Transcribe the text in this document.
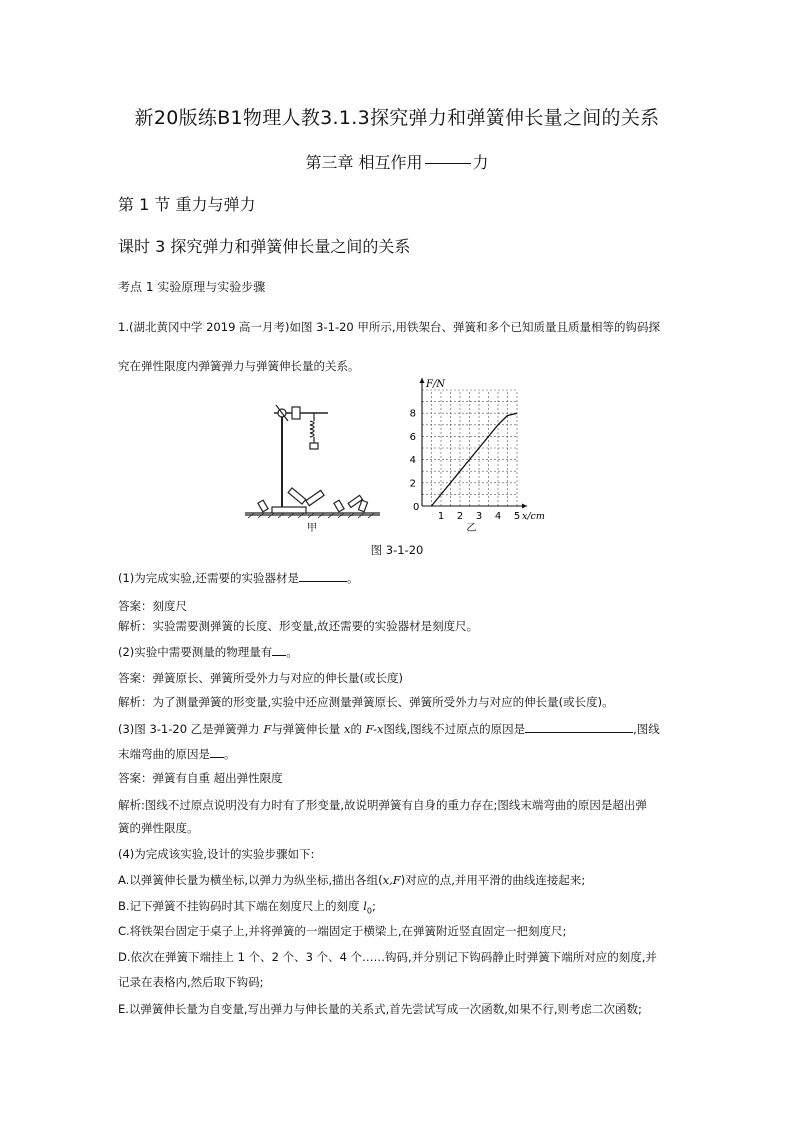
新20版练B1物理人教3.1.3探究弹力和弹簧伸长量之间的关系
第三章 相互作用	力
第 1 节 重力与弹力
课时 3 探究弹力和弹簧伸长量之间的关系
考点 1 实验原理与实验步骤
1.(湖北黄冈中学 2019 高一月考)如图 3-1-20 甲所示,用铁架台、弹簧和多个已知质量且质量相等的钩码探
究在弹性限度内弹簧弹力与弹簧伸长量的关系。
甲
F/N
x/cm
0
1 2 3 4 5
2
4
6
8
乙
图 3-1-20
(1)为完成实验,还需要的实验器材是	。
答案：刻度尺
解析：实验需要测弹簧的长度、形变量,故还需要的实验器材是刻度尺。
(2)实验中需要测量的物理量有 。
答案：弹簧原长、弹簧所受外力与对应的伸长量(或长度)
解析：为了测量弹簧的形变量,实验中还应测量弹簧原长、弹簧所受外力与对应的伸长量(或长度)。
(3)图 3-1-20 乙是弹簧弹力 F与弹簧伸长量 x的 F-x图线,图线不过原点的原因是	,图线
末端弯曲的原因是 。
答案：弹簧有自重 超出弹性限度
解析:图线不过原点说明没有力时有了形变量,故说明弹簧有自身的重力存在;图线末端弯曲的原因是超出弹
簧的弹性限度。
(4)为完成该实验,设计的实验步骤如下:
A.以弹簧伸长量为横坐标,以弹力为纵坐标,描出各组(x,F)对应的点,并用平滑的曲线连接起来;
B.记下弹簧不挂钩码时其下端在刻度尺上的刻度 $l_0$;
C.将铁架台固定于桌子上,并将弹簧的一端固定于横梁上,在弹簧附近竖直固定一把刻度尺;
D.依次在弹簧下端挂上 1 个、2 个、3 个、4 个……钩码,并分别记下钩码静止时弹簧下端所对应的刻度,并
记录在表格内,然后取下钩码;
E.以弹簧伸长量为自变量,写出弹力与伸长量的关系式,首先尝试写成一次函数,如果不行,则考虑二次函数;
